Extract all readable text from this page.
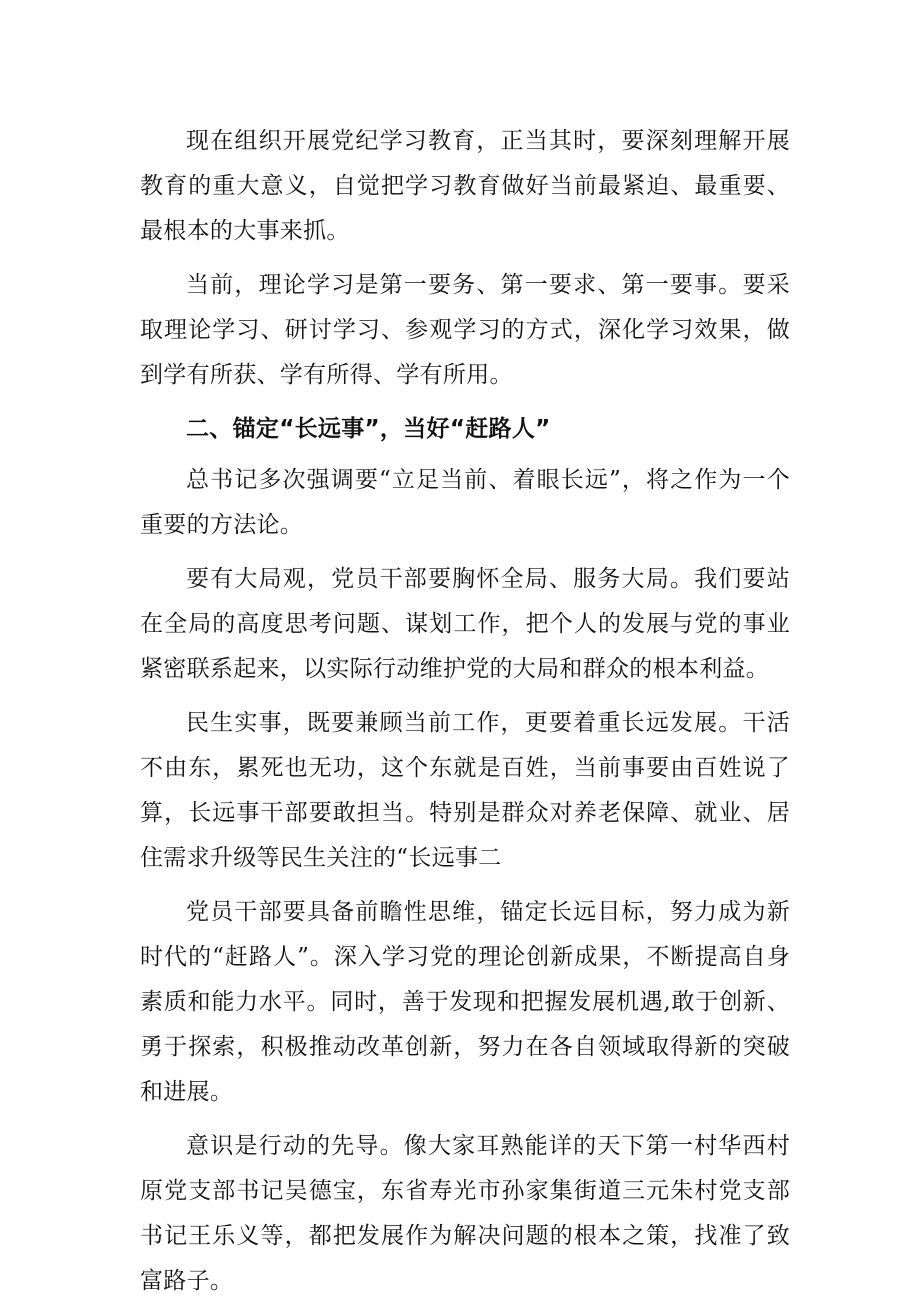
现在组织开展党纪学习教育，正当其时，要深刻理解开展教育的重大意义，自觉把学习教育做好当前最紧迫、最重要、最根本的大事来抓。

当前，理论学习是第一要务、第一要求、第一要事。要采取理论学习、研讨学习、参观学习的方式，深化学习效果，做到学有所获、学有所得、学有所用。

二、锚定“长远事”，当好“赶路人”

总书记多次强调要“立足当前、着眼长远”，将之作为一个重要的方法论。

要有大局观，党员干部要胸怀全局、服务大局。我们要站在全局的高度思考问题、谋划工作，把个人的发展与党的事业紧密联系起来，以实际行动维护党的大局和群众的根本利益。

民生实事，既要兼顾当前工作，更要着重长远发展。干活不由东，累死也无功，这个东就是百姓，当前事要由百姓说了算，长远事干部要敢担当。特别是群众对养老保障、就业、居住需求升级等民生关注的“长远事二

党员干部要具备前瞻性思维，锚定长远目标，努力成为新时代的“赶路人”。深入学习党的理论创新成果，不断提高自身素质和能力水平。同时，善于发现和把握发展机遇,敢于创新、勇于探索，积极推动改革创新，努力在各自领域取得新的突破和进展。

意识是行动的先导。像大家耳熟能详的天下第一村华西村原党支部书记吴德宝，东省寿光市孙家集街道三元朱村党支部书记王乐义等，都把发展作为解决问题的根本之策，找准了致富路子。
